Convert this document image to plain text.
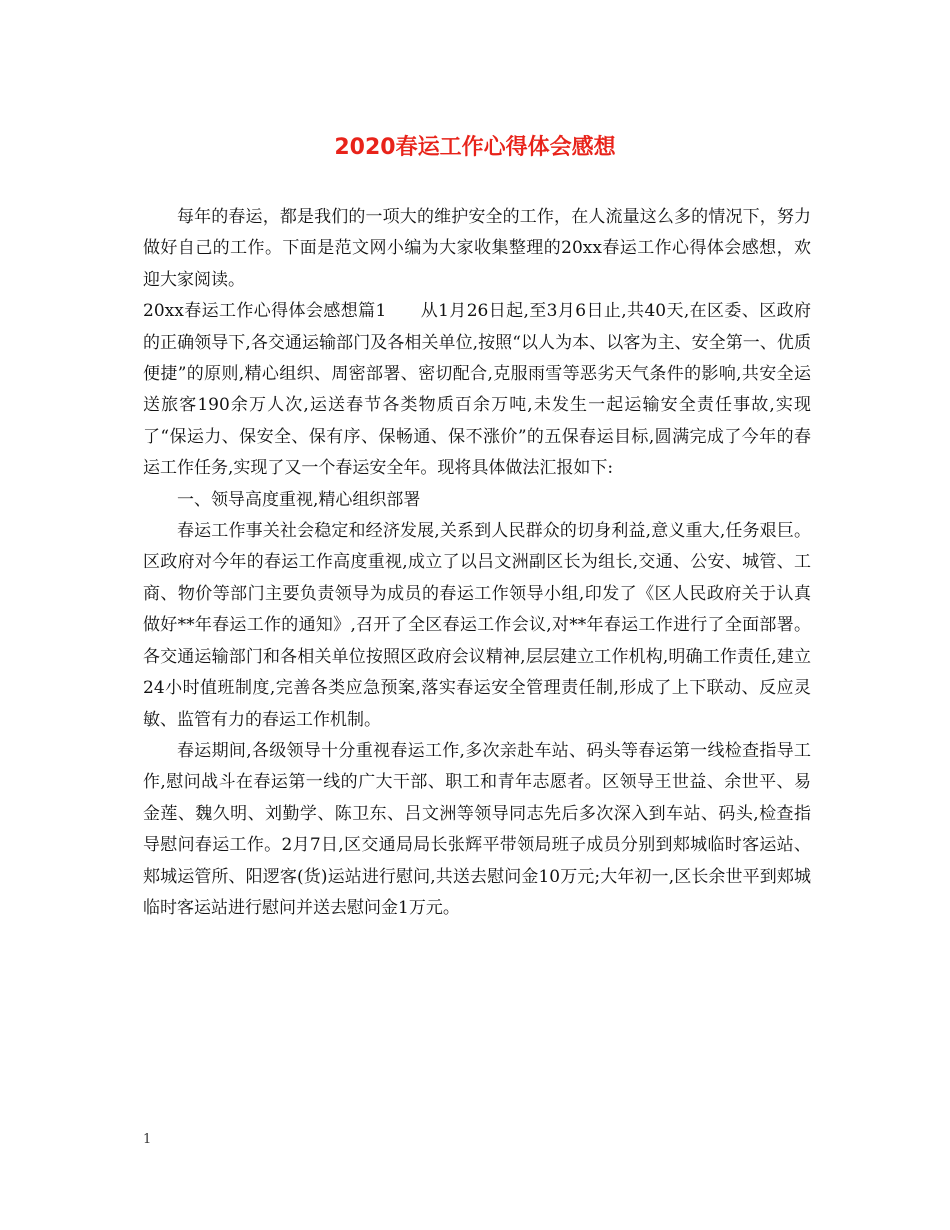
2020春运工作心得体会感想

每年的春运，都是我们的一项大的维护安全的工作，在人流量这么多的情况下，努力做好自己的工作。下面是范文网小编为大家收集整理的20xx春运工作心得体会感想，欢迎大家阅读。

20xx春运工作心得体会感想篇1 从1月26日起,至3月6日止,共40天,在区委、区政府的正确领导下,各交通运输部门及各相关单位,按照“以人为本、以客为主、安全第一、优质便捷”的原则,精心组织、周密部署、密切配合,克服雨雪等恶劣天气条件的影响,共安全运送旅客190余万人次,运送春节各类物质百余万吨,未发生一起运输安全责任事故,实现了“保运力、保安全、保有序、保畅通、保不涨价”的五保春运目标,圆满完成了今年的春运工作任务,实现了又一个春运安全年。现将具体做法汇报如下:

一、领导高度重视,精心组织部署

春运工作事关社会稳定和经济发展,关系到人民群众的切身利益,意义重大,任务艰巨。区政府对今年的春运工作高度重视,成立了以吕文洲副区长为组长,交通、公安、城管、工商、物价等部门主要负责领导为成员的春运工作领导小组,印发了《区人民政府关于认真做好**年春运工作的通知》,召开了全区春运工作会议,对**年春运工作进行了全面部署。各交通运输部门和各相关单位按照区政府会议精神,层层建立工作机构,明确工作责任,建立24小时值班制度,完善各类应急预案,落实春运安全管理责任制,形成了上下联动、反应灵敏、监管有力的春运工作机制。

春运期间,各级领导十分重视春运工作,多次亲赴车站、码头等春运第一线检查指导工作,慰问战斗在春运第一线的广大干部、职工和青年志愿者。区领导王世益、余世平、易金莲、魏久明、刘勤学、陈卫东、吕文洲等领导同志先后多次深入到车站、码头,检查指导慰问春运工作。2月7日,区交通局局长张辉平带领局班子成员分别到郏城临时客运站、郏城运管所、阳逻客(货)运站进行慰问,共送去慰问金10万元;大年初一,区长余世平到郏城临时客运站进行慰问并送去慰问金1万元。

1
